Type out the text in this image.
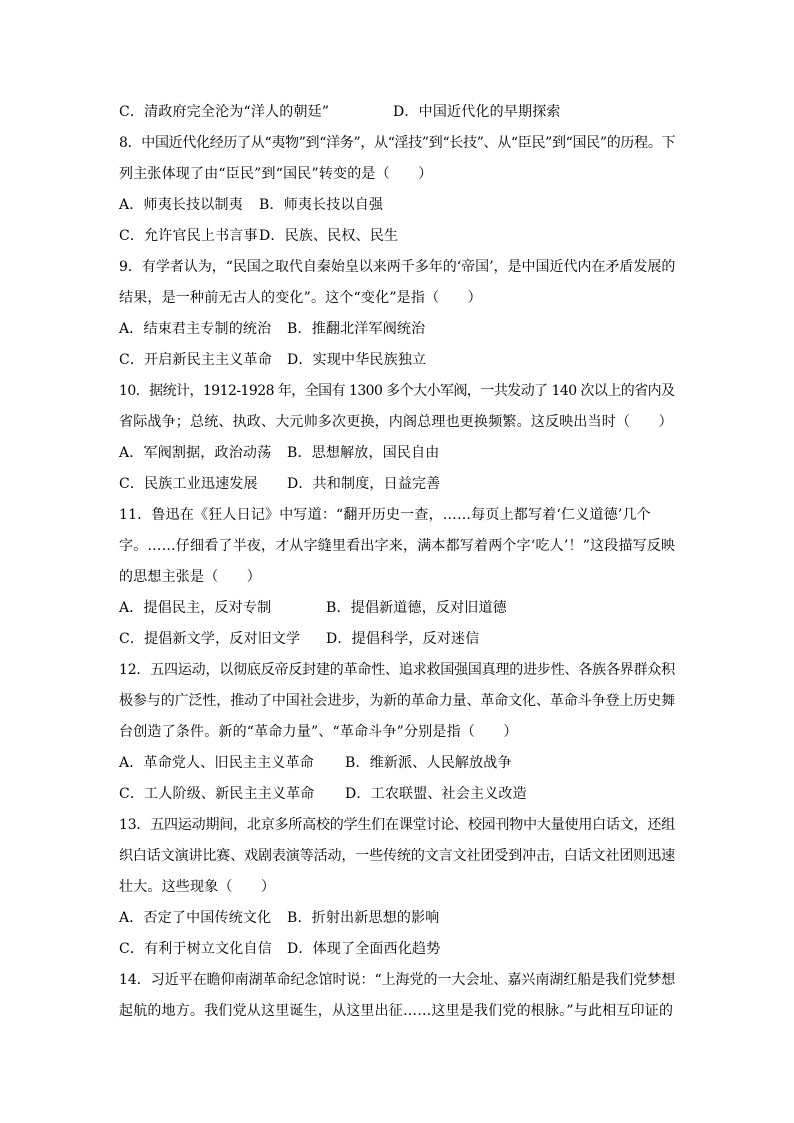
C．清政府完全沦为“洋人的朝廷”	D．中国近代化的早期探索
8．中国近代化经历了从“夷物”到“洋务”，从“淫技”到“长技”、从“臣民”到“国民”的历程。下
列主张体现了由“臣民”到“国民”转变的是（　　）
A．师夷长技以制夷 B．师夷长技以自强
C．允许官民上书言事D．民族、民权、民生
9．有学者认为，“民国之取代自秦始皇以来两千多年的‘帝国’，是中国近代内在矛盾发展的
结果，是一种前无古人的变化”。这个“变化”是指（　　）
A．结束君主专制的统治 B．推翻北洋军阀统治
C．开启新民主主义革命 D．实现中华民族独立
10．据统计，1912-1928 年，全国有 1300 多个大小军阀，一共发动了 140 次以上的省内及
省际战争；总统、执政、大元帅多次更换，内阁总理也更换频繁。这反映出当时（　　）
A．军阀割据，政治动荡 B．思想解放，国民自由
C．民族工业迅速发展 D．共和制度，日益完善
11．鲁迅在《狂人日记》中写道：“翻开历史一查，……每页上都写着‘仁义道德’几个
字。……仔细看了半夜，才从字缝里看出字来，满本都写着两个字‘吃人’！”这段描写反映
的思想主张是（　　）
A．提倡民主，反对专制	B．提倡新道德，反对旧道德
C．提倡新文学，反对旧文学 D．提倡科学，反对迷信
12．五四运动，以彻底反帝反封建的革命性、追求救国强国真理的进步性、各族各界群众积
极参与的广泛性，推动了中国社会进步，为新的革命力量、革命文化、革命斗争登上历史舞
台创造了条件。新的“革命力量”、“革命斗争”分别是指（　　）
A．革命党人、旧民主主义革命 B．维新派、人民解放战争
C．工人阶级、新民主主义革命 D．工农联盟、社会主义改造
13．五四运动期间，北京多所高校的学生们在课堂讨论、校园刊物中大量使用白话文，还组
织白话文演讲比赛、戏剧表演等活动，一些传统的文言文社团受到冲击，白话文社团则迅速
壮大。这些现象（　　）
A．否定了中国传统文化 B．折射出新思想的影响
C．有利于树立文化自信 D．体现了全面西化趋势
14．习近平在瞻仰南湖革命纪念馆时说：“上海党的一大会址、嘉兴南湖红船是我们党梦想
起航的地方。我们党从这里诞生，从这里出征……这里是我们党的根脉。”与此相互印证的
